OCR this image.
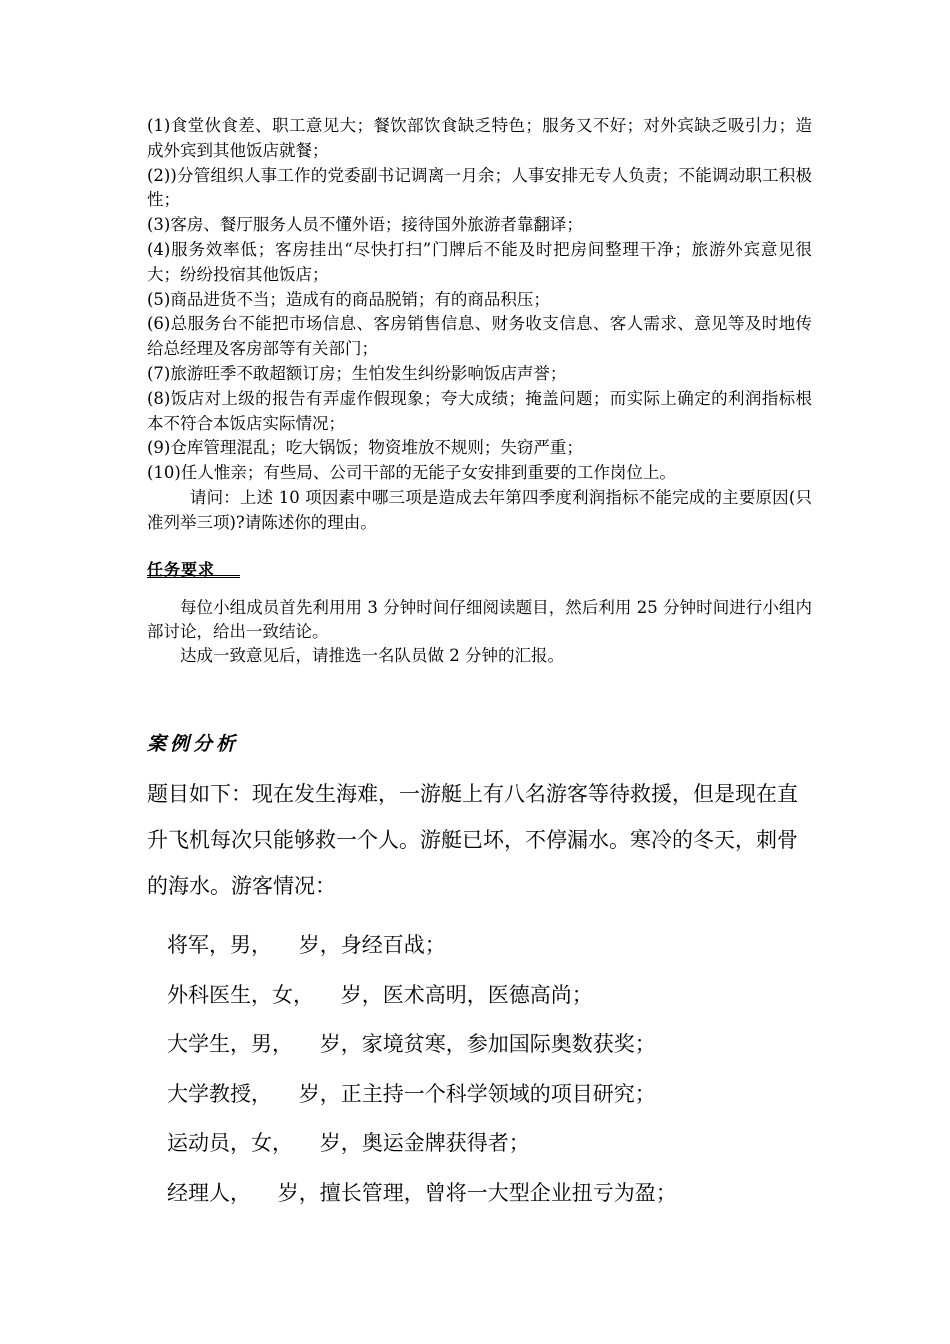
(1)食堂伙食差、职工意见大；餐饮部饮食缺乏特色；服务又不好；对外宾缺乏吸引力；造成外宾到其他饭店就餐；

(2))分管组织人事工作的党委副书记调离一月余；人事安排无专人负责；不能调动职工积极性；

(3)客房、餐厅服务人员不懂外语；接待国外旅游者靠翻译；

(4)服务效率低；客房挂出“尽快打扫”门牌后不能及时把房间整理干净；旅游外宾意见很大；纷纷投宿其他饭店；

(5)商品进货不当；造成有的商品脱销；有的商品积压；

(6)总服务台不能把市场信息、客房销售信息、财务收支信息、客人需求、意见等及时地传给总经理及客房部等有关部门；

(7)旅游旺季不敢超额订房；生怕发生纠纷影响饭店声誉；

(8)饭店对上级的报告有弄虚作假现象；夸大成绩；掩盖问题；而实际上确定的利润指标根本不符合本饭店实际情况；

(9)仓库管理混乱；吃大锅饭；物资堆放不规则；失窃严重；

(10)任人惟亲；有些局、公司干部的无能子女安排到重要的工作岗位上。

请问：上述 10 项因素中哪三项是造成去年第四季度利润指标不能完成的主要原因(只准列举三项)?请陈述你的理由。

任务要求

每位小组成员首先利用用 3 分钟时间仔细阅读题目，然后利用 25 分钟时间进行小组内部讨论，给出一致结论。

达成一致意见后，请推选一名队员做 2 分钟的汇报。

案例分析

题目如下：现在发生海难，一游艇上有八名游客等待救援，但是现在直升飞机每次只能够救一个人。游艇已坏，不停漏水。寒冷的冬天，刺骨的海水。游客情况：

将军，男，    岁，身经百战；

外科医生，女，    岁，医术高明，医德高尚；

大学生，男，    岁，家境贫寒，参加国际奥数获奖；

大学教授，    岁，正主持一个科学领域的项目研究；

运动员，女，    岁，奥运金牌获得者；

经理人，    岁，擅长管理，曾将一大型企业扭亏为盈；
